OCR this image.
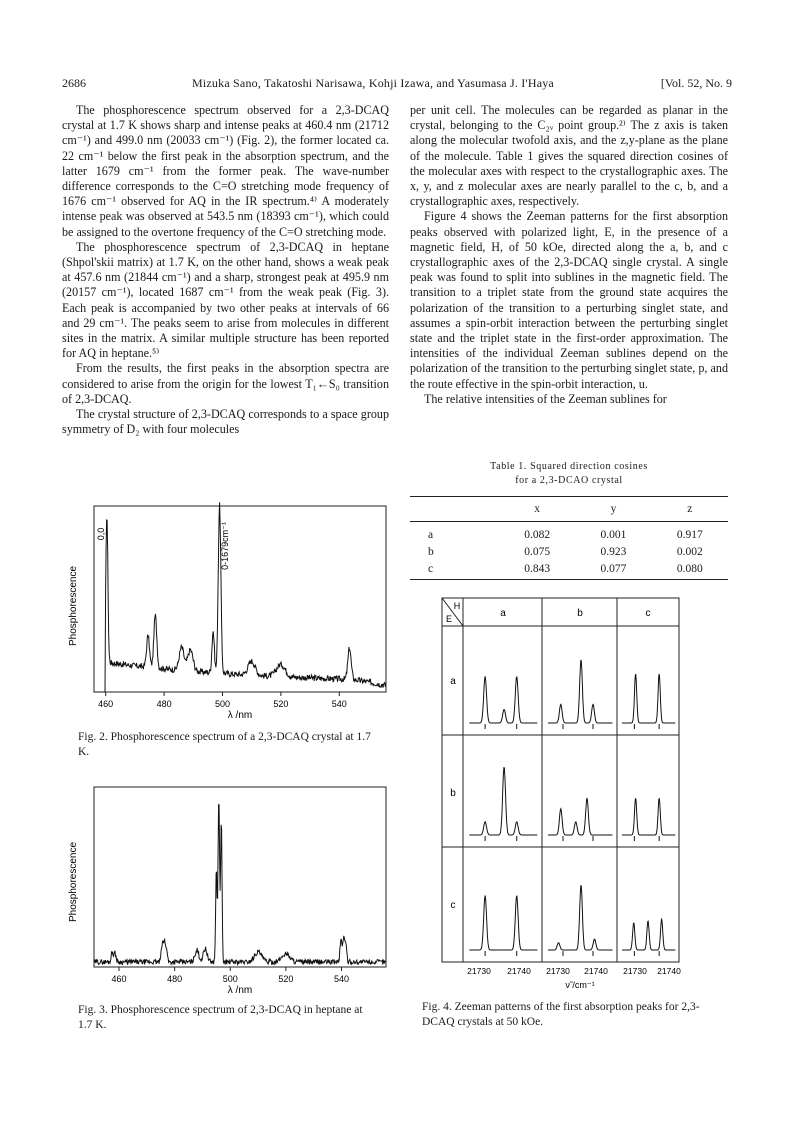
2686	Mizuka Sano, Takatoshi Narisawa, Kohji Izawa, and Yasumasa J. I'Haya	[Vol. 52, No. 9

The phosphorescence spectrum observed for a 2,3-DCAQ crystal at 1.7 K shows sharp and intense peaks at 460.4 nm (21712 cm⁻¹) and 499.0 nm (20033 cm⁻¹) (Fig. 2), the former located ca. 22 cm⁻¹ below the first peak in the absorption spectrum, and the latter 1679 cm⁻¹ from the former peak. The wave-number difference corresponds to the C=O stretching mode frequency of 1676 cm⁻¹ observed for AQ in the IR spectrum.⁴⁾ A moderately intense peak was observed at 543.5 nm (18393 cm⁻¹), which could be assigned to the overtone frequency of the C=O stretching mode.

The phosphorescence spectrum of 2,3-DCAQ in heptane (Shpol'skii matrix) at 1.7 K, on the other hand, shows a weak peak at 457.6 nm (21844 cm⁻¹) and a sharp, strongest peak at 495.9 nm (20157 cm⁻¹), located 1687 cm⁻¹ from the weak peak (Fig. 3). Each peak is accompanied by two other peaks at intervals of 66 and 29 cm⁻¹. The peaks seem to arise from molecules in different sites in the matrix. A similar multiple structure has been reported for AQ in heptane.⁵⁾

From the results, the first peaks in the absorption spectra are considered to arise from the origin for the lowest T₁←S₀ transition of 2,3-DCAQ.

The crystal structure of 2,3-DCAQ corresponds to a space group symmetry of D₂ with four molecules

per unit cell. The molecules can be regarded as planar in the crystal, belonging to the C₂ᵥ point group.²⁾ The z axis is taken along the molecular twofold axis, and the z,y-plane as the plane of the molecule. Table 1 gives the squared direction cosines of the molecular axes with respect to the crystallographic axes. The x, y, and z molecular axes are nearly parallel to the c, b, and a crystallographic axes, respectively.

Figure 4 shows the Zeeman patterns for the first absorption peaks observed with polarized light, E, in the presence of a magnetic field, H, of 50 kOe, directed along the a, b, and c crystallographic axes of the 2,3-DCAQ single crystal. A single peak was found to split into sublines in the magnetic field. The transition to a triplet state from the ground state acquires the polarization of the transition to a perturbing singlet state, and assumes a spin-orbit interaction between the perturbing singlet state and the triplet state in the first-order approximation. The intensities of the individual Zeeman sublines depend on the polarization of the transition to the perturbing singlet state, p, and the route effective in the spin-orbit interaction, u.

The relative intensities of the Zeeman sublines for

Table 1. Squared direction cosines
for a 2,3-DCAO crystal
	x	y	z
a	0.082	0.001	0.917
b	0.075	0.923	0.002
c	0.843	0.077	0.080
Phosphorescence
0,0	0-1679cm⁻¹
460	480	500	520	540
λ /nm
Fig. 2. Phosphorescence spectrum of a 2,3-DCAQ crystal at 1.7 K.
Phosphorescence
460	480	500	520	540
λ /nm
Fig. 3. Phosphorescence spectrum of 2,3-DCAQ in heptane at 1.7 K.
H
E	a	b	c
a
b
c
21730 21740 21730 21740 21730 21740
ν̃ /cm⁻¹
Fig. 4. Zeeman patterns of the first absorption peaks for 2,3-DCAQ crystals at 50 kOe.
